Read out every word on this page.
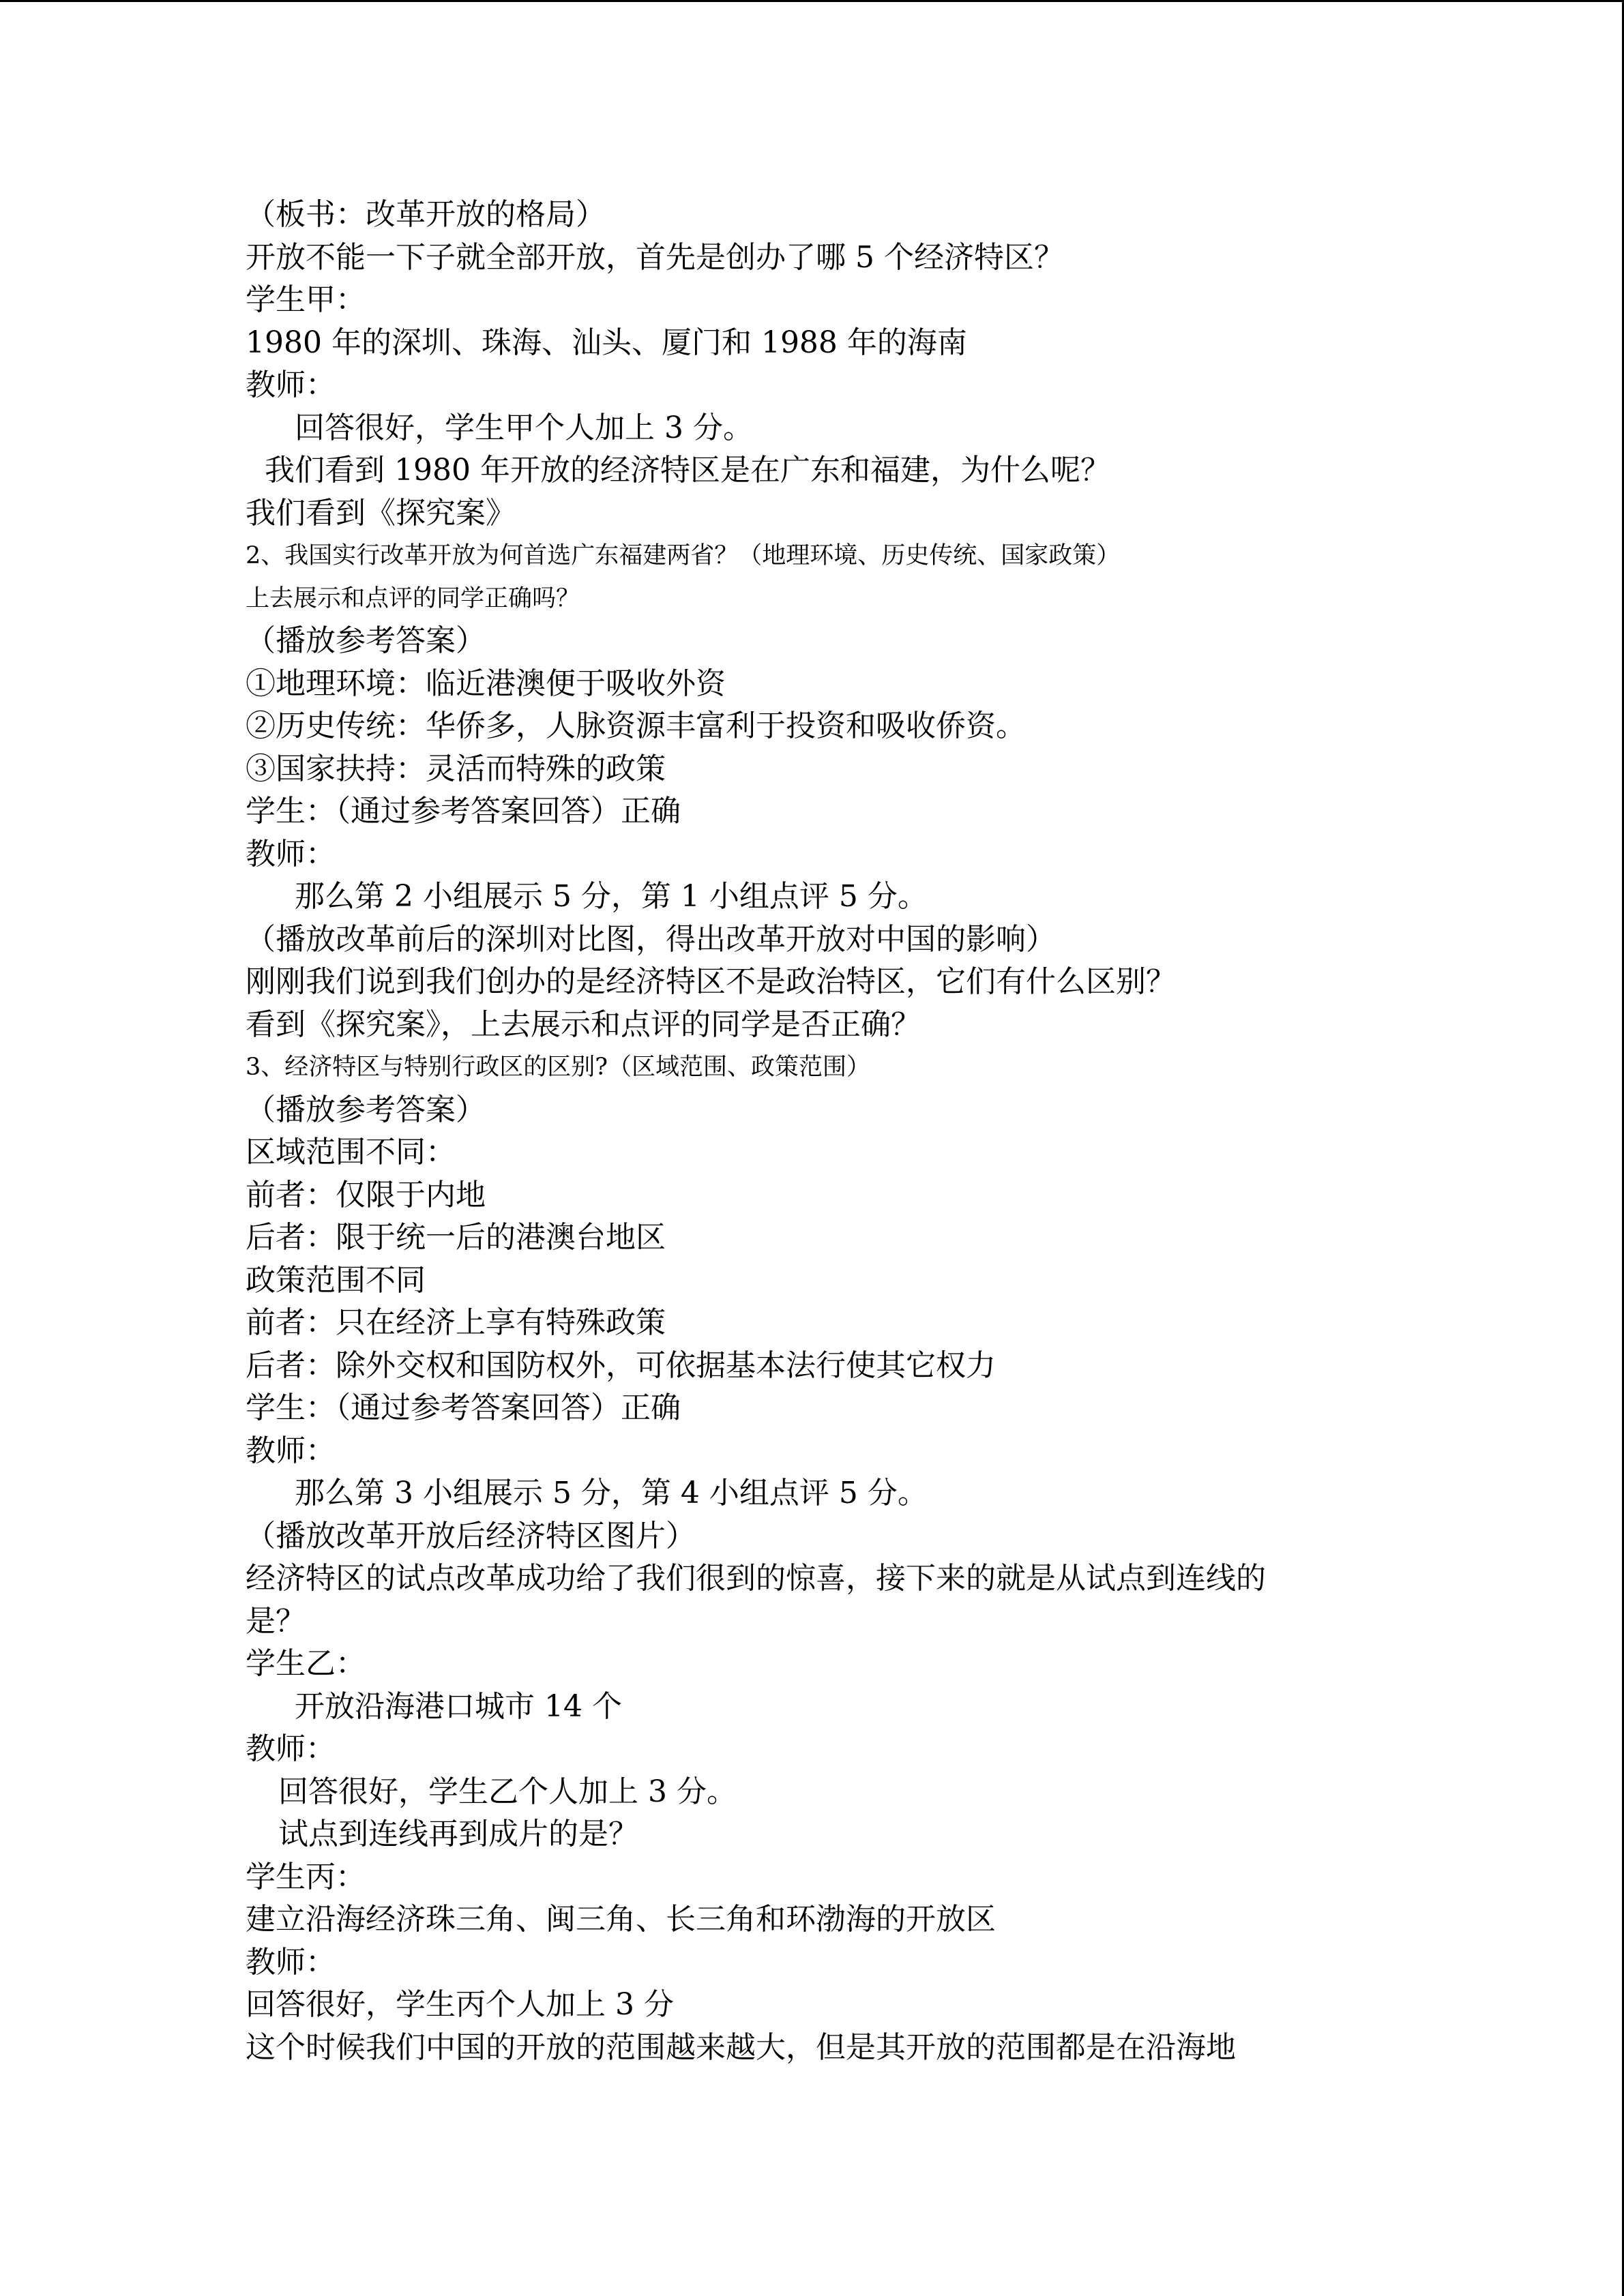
（板书：改革开放的格局）
开放不能一下子就全部开放，首先是创办了哪 5 个经济特区？
学生甲：
1980 年的深圳、珠海、汕头、厦门和 1988 年的海南
教师：
回答很好，学生甲个人加上 3 分。
我们看到 1980 年开放的经济特区是在广东和福建，为什么呢？
我们看到《探究案》
2、我国实行改革开放为何首选广东福建两省？（地理环境、历史传统、国家政策）
上去展示和点评的同学正确吗？
（播放参考答案）
①地理环境：临近港澳便于吸收外资
②历史传统：华侨多，人脉资源丰富利于投资和吸收侨资。
③国家扶持：灵活而特殊的政策
学生：（通过参考答案回答）正确
教师：
那么第 2 小组展示 5 分，第 1 小组点评 5 分。
（播放改革前后的深圳对比图，得出改革开放对中国的影响）
刚刚我们说到我们创办的是经济特区不是政治特区，它们有什么区别？
看到《探究案》，上去展示和点评的同学是否正确？
3、经济特区与特别行政区的区别?（区域范围、政策范围）
（播放参考答案）
区域范围不同：
前者：仅限于内地
后者：限于统一后的港澳台地区
政策范围不同
前者：只在经济上享有特殊政策
后者：除外交权和国防权外，可依据基本法行使其它权力
学生：（通过参考答案回答）正确
教师：
那么第 3 小组展示 5 分，第 4 小组点评 5 分。
（播放改革开放后经济特区图片）
经济特区的试点改革成功给了我们很到的惊喜，接下来的就是从试点到连线的
是？
学生乙：
开放沿海港口城市 14 个
教师：
回答很好，学生乙个人加上 3 分。
试点到连线再到成片的是？
学生丙：
建立沿海经济珠三角、闽三角、长三角和环渤海的开放区
教师：
回答很好，学生丙个人加上 3 分
这个时候我们中国的开放的范围越来越大，但是其开放的范围都是在沿海地
